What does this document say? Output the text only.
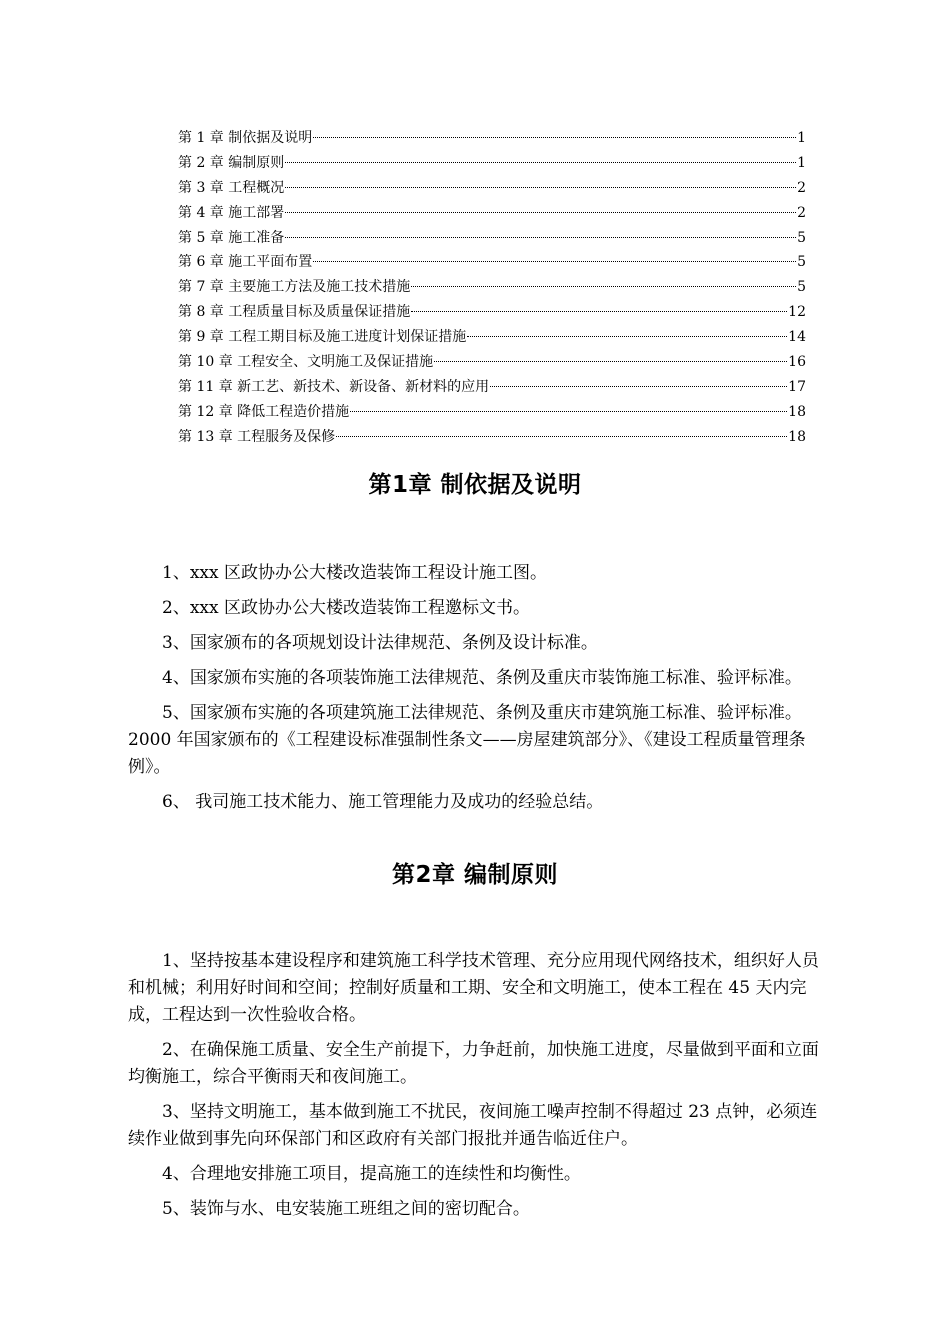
第 1 章 制依据及说明	1
第 2 章 编制原则	1
第 3 章 工程概况	2
第 4 章 施工部署	2
第 5 章 施工准备	5
第 6 章 施工平面布置	5
第 7 章 主要施工方法及施工技术措施	5
第 8 章 工程质量目标及质量保证措施	12
第 9 章 工程工期目标及施工进度计划保证措施	14
第 10 章 工程安全、文明施工及保证措施	16
第 11 章 新工艺、新技术、新设备、新材料的应用	17
第 12 章 降低工程造价措施	18
第 13 章 工程服务及保修	18
第1章 制依据及说明

1、xxx 区政协办公大楼改造装饰工程设计施工图。

2、xxx 区政协办公大楼改造装饰工程邀标文书。

3、国家颁布的各项规划设计法律规范、条例及设计标准。

4、国家颁布实施的各项装饰施工法律规范、条例及重庆市装饰施工标准、验评标准。

5、国家颁布实施的各项建筑施工法律规范、条例及重庆市建筑施工标准、验评标准。2000 年国家颁布的《工程建设标准强制性条文——房屋建筑部分》、《建设工程质量管理条例》。

6、 我司施工技术能力、施工管理能力及成功的经验总结。

第2章 编制原则

1、坚持按基本建设程序和建筑施工科学技术管理、充分应用现代网络技术，组织好人员和机械；利用好时间和空间；控制好质量和工期、安全和文明施工，使本工程在 45 天内完成，工程达到一次性验收合格。

2、在确保施工质量、安全生产前提下，力争赶前，加快施工进度，尽量做到平面和立面均衡施工，综合平衡雨天和夜间施工。

3、坚持文明施工，基本做到施工不扰民，夜间施工噪声控制不得超过 23 点钟，必须连续作业做到事先向环保部门和区政府有关部门报批并通告临近住户。

4、合理地安排施工项目，提高施工的连续性和均衡性。

5、装饰与水、电安装施工班组之间的密切配合。
